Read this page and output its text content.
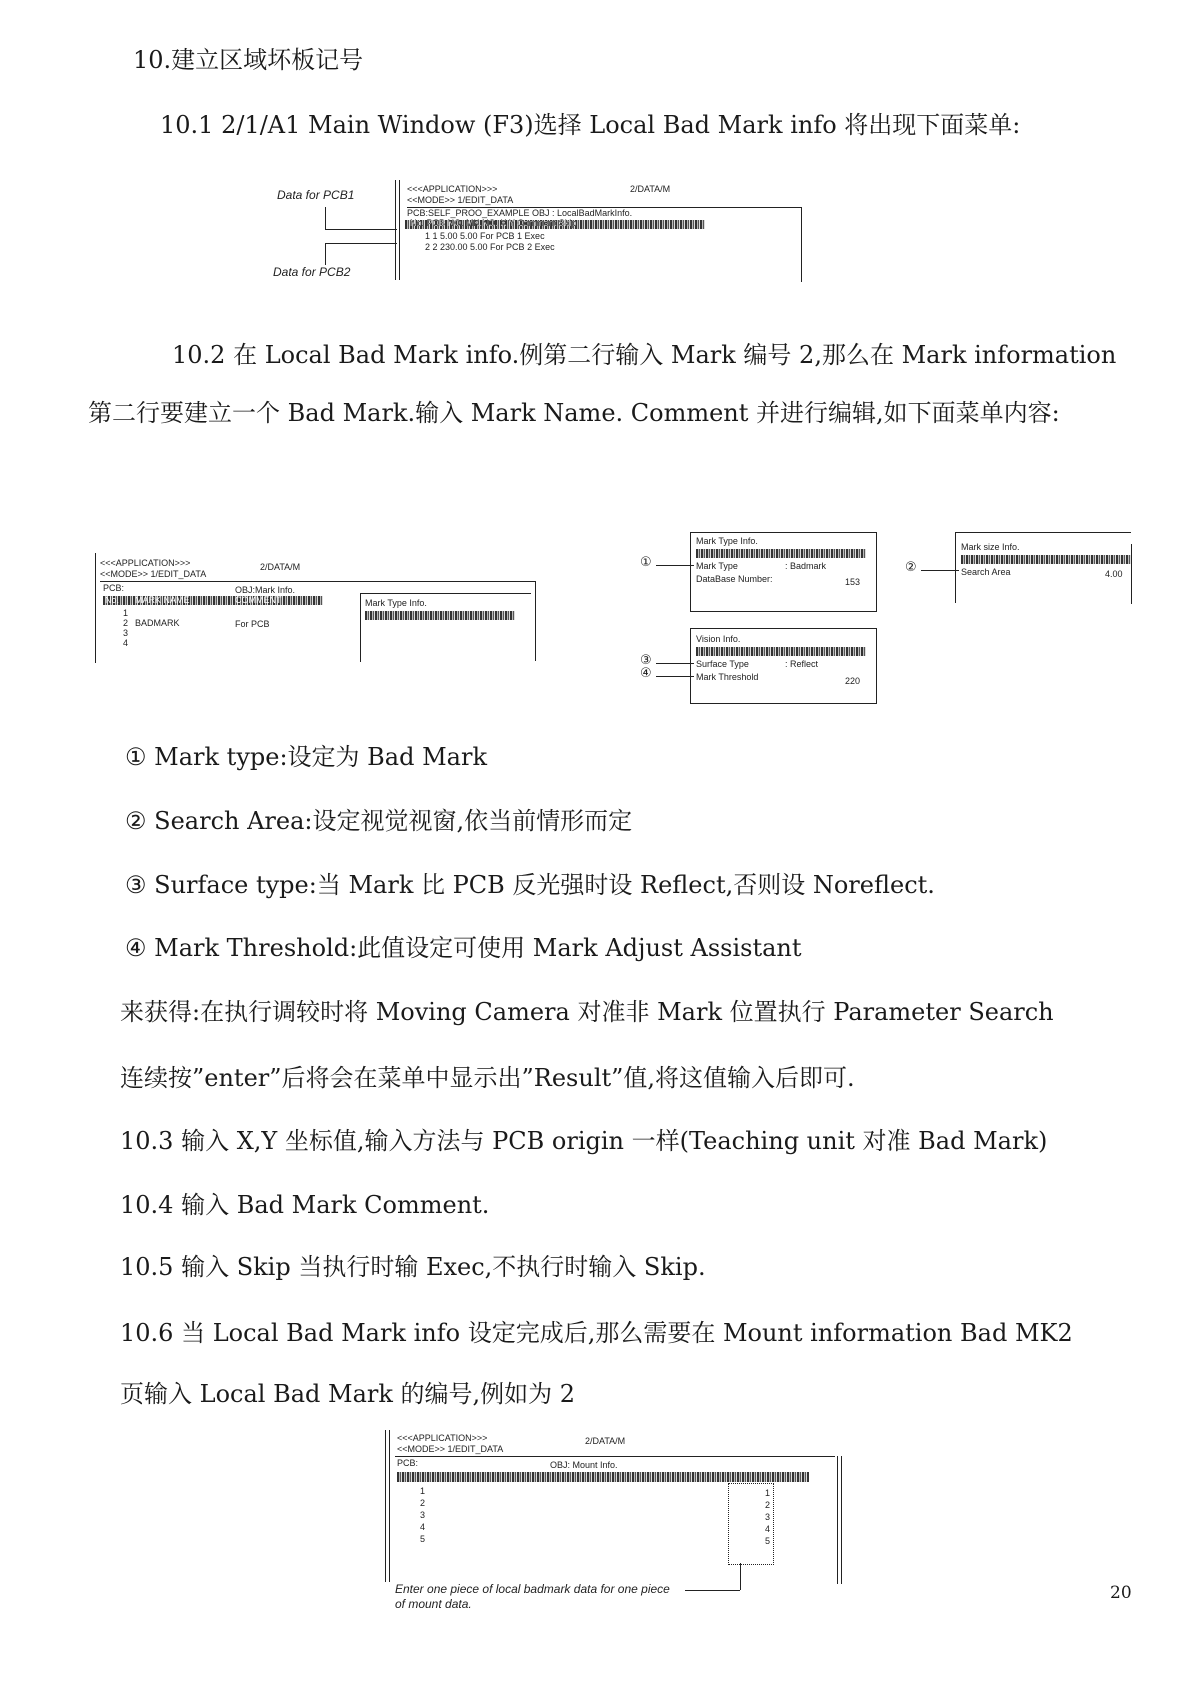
10.建立区域坏板记号
10.1 2/1/A1 Main Window (F3)选择 Local Bad Mark info 将出现下面菜单:
<<<APPLICATION>>>	2/DATA/M
<<MODE>> 1/EDIT_DATA
PCB:SELF_PROO_EXAMPLE OBJ : LocalBadMarkInfo.
No. PCB NO. MK.NO. X Y Comment Skip
1 1 5.00 5.00 For PCB 1 Exec
2 2 230.00 5.00 For PCB 2 Exec
Data for PCB1
Data for PCB2
10.2 在 Local Bad Mark info.例第二行输入 Mark 编号 2,那么在 Mark information
第二行要建立一个 Bad Mark.输入 Mark Name. Comment 并进行编辑,如下面菜单内容:
<<<APPLICATION>>>	2/DATA/M
<<MODE>> 1/EDIT_DATA
PCB:	OBJ:Mark Info.
No. MARK NAME	COMMENT
1
2 BADMARK	For PCB
3
4
Mark Type Info.
Mark Type Info.
Mark Type	: Badmark
DataBase Number:	153
①
Mark size Info.
Search Area	4.00
②
Vision Info.
Surface Type	: Reflect
Mark Threshold	220
③
④
① Mark type:设定为 Bad Mark
② Search Area:设定视觉视窗,依当前情形而定
③ Surface type:当 Mark 比 PCB 反光强时设 Reflect,否则设 Noreflect.
④ Mark Threshold:此值设定可使用 Mark Adjust Assistant
来获得:在执行调较时将 Moving Camera 对准非 Mark 位置执行 Parameter Search
连续按”enter”后将会在菜单中显示出”Result”值,将这值输入后即可.
10.3 输入 X,Y 坐标值,输入方法与 PCB origin 一样(Teaching unit 对准 Bad Mark)
10.4 输入 Bad Mark Comment.
10.5 输入 Skip 当执行时输 Exec,不执行时输入 Skip.
10.6 当 Local Bad Mark info 设定完成后,那么需要在 Mount information Bad MK2
页输入 Local Bad Mark 的编号,例如为 2
<<<APPLICATION>>>	2/DATA/M
<<MODE>> 1/EDIT_DATA
PCB:	OBJ: Mount Info.
1
2
3
4
5
1
2
3
4
5
Enter one piece of local badmark data for one piece
of mount data.
20
